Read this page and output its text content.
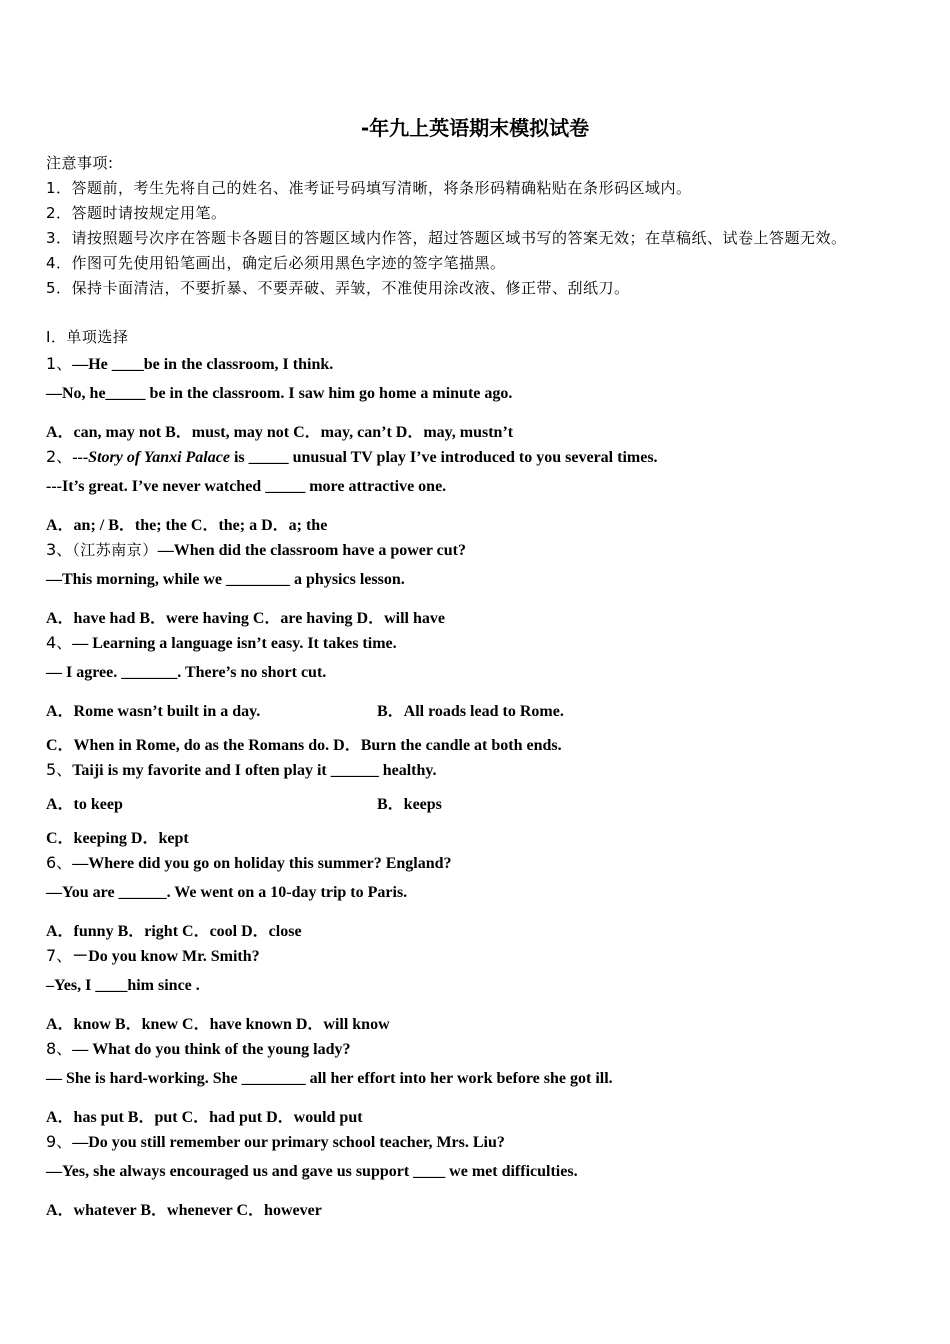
-年九上英语期末模拟试卷
注意事项:
1．答题前，考生先将自己的姓名、准考证号码填写清晰，将条形码精确粘贴在条形码区域内。
2．答题时请按规定用笔。
3．请按照题号次序在答题卡各题目的答题区域内作答，超过答题区域书写的答案无效；在草稿纸、试卷上答题无效。
4．作图可先使用铅笔画出，确定后必须用黑色字迹的签字笔描黑。
5．保持卡面清洁，不要折暴、不要弄破、弄皱，不准使用涂改液、修正带、刮纸刀。
Ⅰ．单项选择
1、—He ____be in the classroom, I think.
—No, he_____ be in the classroom. I saw him go home a minute ago.
A．can, may not B．must, may not C．may, can’t D．may, mustn’t
2、---Story of Yanxi Palace is _____ unusual TV play I’ve introduced to you several times.
---It’s great. I’ve never watched _____ more attractive one.
A．an; / B．the; the C．the; a D．a; the
3、（江苏南京）—When did the classroom have a power cut?
—This morning, while we ________ a physics lesson.
A．have had B．were having C．are having D．will have
4、— Learning a language isn’t easy. It takes time.
— I agree. _______. There’s no short cut.
A．Rome wasn’t built in a day.	B．All roads lead to Rome.
C．When in Rome, do as the Romans do. D．Burn the candle at both ends.
5、Taiji is my favorite and I often play it ______ healthy.
A．to keep	B．keeps
C．keeping D．kept
6、—Where did you go on holiday this summer? England?
—You are ______. We went on a 10-day trip to Paris.
A．funny B．right C．cool D．close
7、－Do you know Mr. Smith?
–Yes, I ____him since .
A．know B．knew C．have known D．will know
8、— What do you think of the young lady?
— She is hard-working. She ________ all her effort into her work before she got ill.
A．has put B．put C．had put D．would put
9、—Do you still remember our primary school teacher, Mrs. Liu?
—Yes, she always encouraged us and gave us support ____ we met difficulties.
A．whatever B．whenever C．however
